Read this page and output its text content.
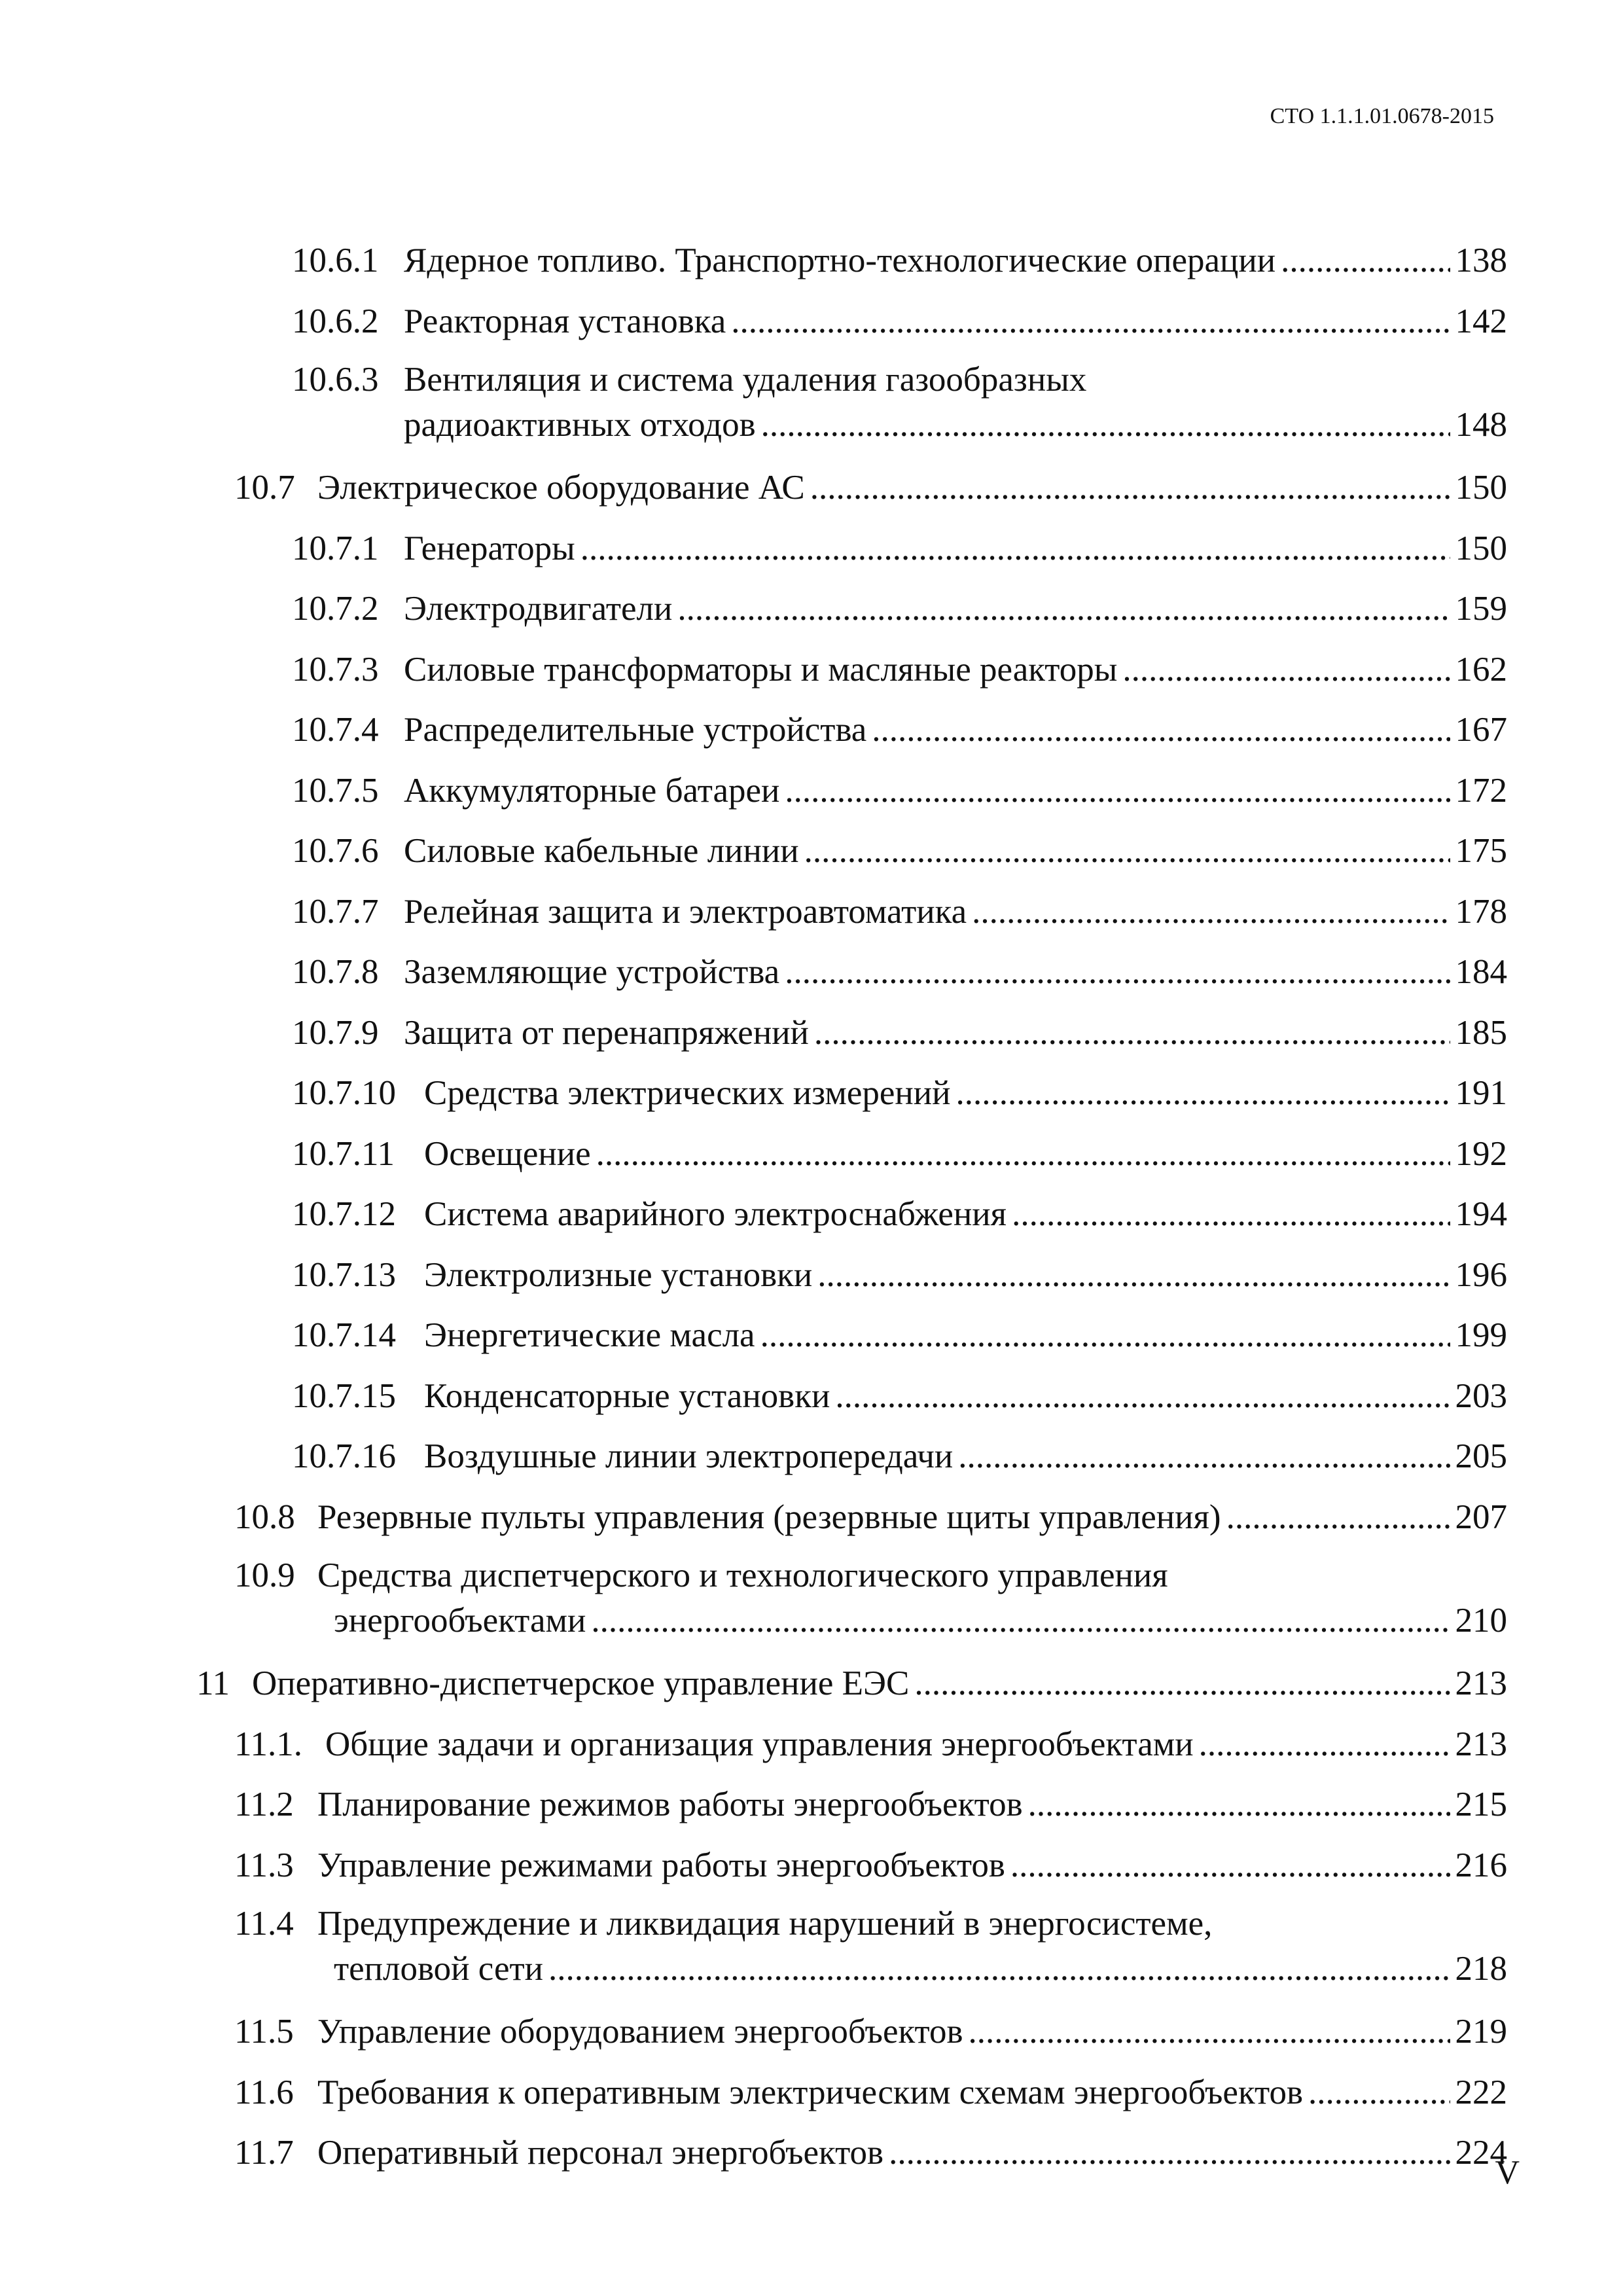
СТО 1.1.1.01.0678-2015
10.6.1 Ядерное топливо. Транспортно-технологические операции .....	138
10.6.2 Реакторная установка .....	142
10.6.3 Вентиляция и система удаления газообразных
радиоактивных отходов .....	148
10.7 Электрическое оборудование АС .....	150
10.7.1 Генераторы .....	150
10.7.2 Электродвигатели .....	159
10.7.3 Силовые трансформаторы и масляные реакторы .....	162
10.7.4 Распределительные устройства .....	167
10.7.5 Аккумуляторные батареи .....	172
10.7.6 Силовые кабельные линии .....	175
10.7.7 Релейная защита и электроавтоматика .....	178
10.7.8 Заземляющие устройства .....	184
10.7.9 Защита от перенапряжений .....	185
10.7.10 Средства электрических измерений .....	191
10.7.11 Освещение .....	192
10.7.12 Система аварийного электроснабжения .....	194
10.7.13 Электролизные установки .....	196
10.7.14 Энергетические масла .....	199
10.7.15 Конденсаторные установки .....	203
10.7.16 Воздушные линии электропередачи .....	205
10.8 Резервные пульты управления (резервные щиты управления) .....	207
10.9 Средства диспетчерского и технологического управления
энергообъектами .....	210
11 Оперативно-диспетчерское управление ЕЭС .....	213
11.1. Общие задачи и организация управления энергообъектами .....	213
11.2 Планирование режимов работы энергообъектов .....	215
11.3 Управление режимами работы энергообъектов .....	216
11.4 Предупреждение и ликвидация нарушений в энергосистеме,
тепловой сети .....	218
11.5 Управление оборудованием энергообъектов .....	219
11.6 Требования к оперативным электрическим схемам энергообъектов .....	222
11.7 Оперативный персонал энергобъектов .....	224
V
